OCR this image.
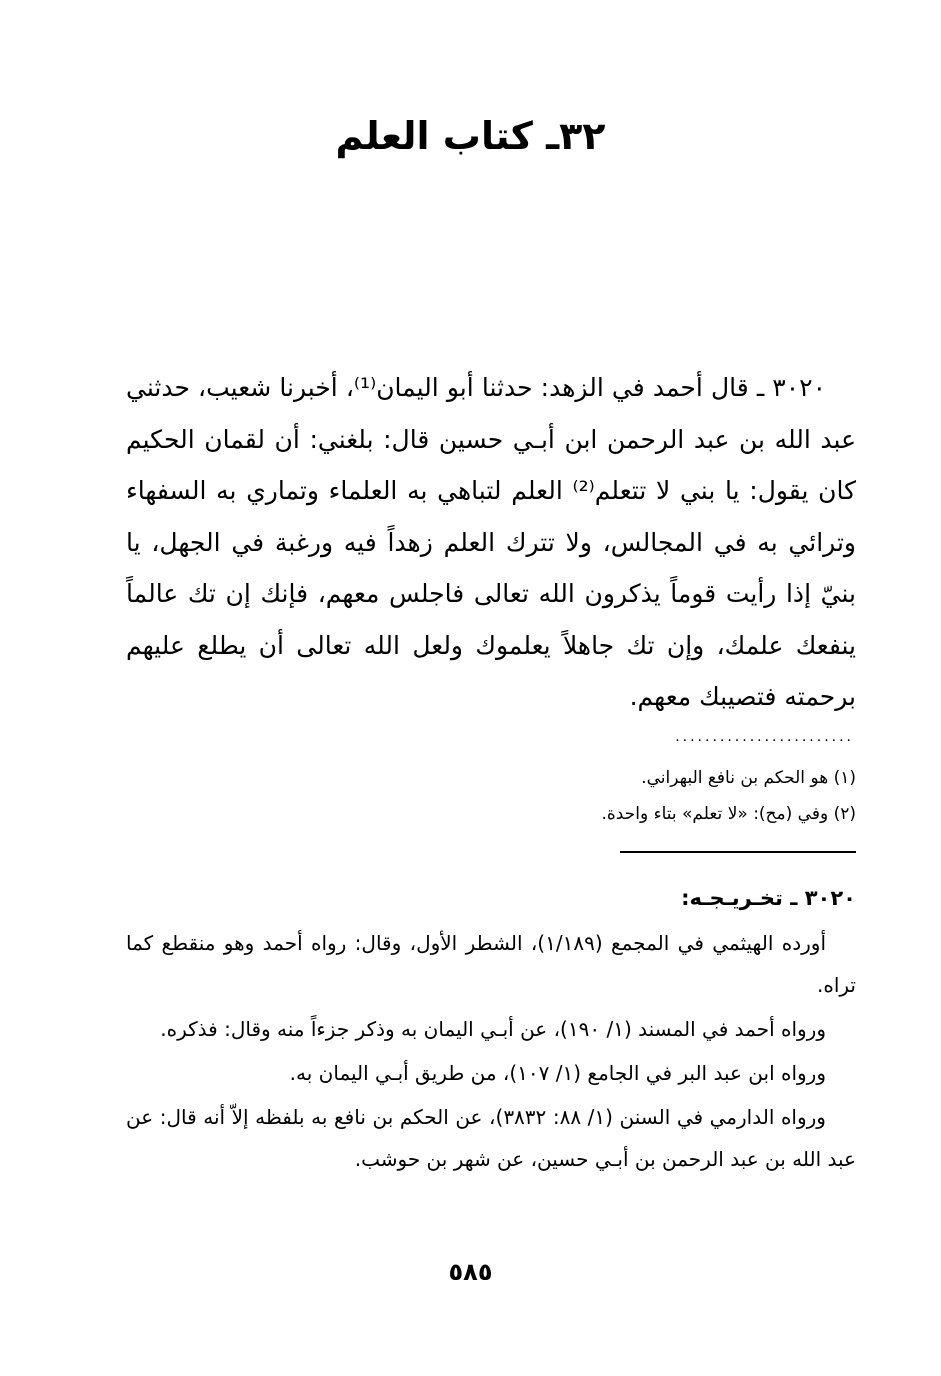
٣٢ـ كتاب العلم

٣٠٢٠ ـ قال أحمد في الزهد: حدثنا أبو اليمان⁽¹⁾، أخبرنا شعيب، حدثني عبد الله بن عبد الرحمن ابن أبـي حسين قال: بلغني: أن لقمان الحكيم كان يقول: يا بني لا تتعلم⁽²⁾ العلم لتباهي به العلماء وتماري به السفهاء وترائي به في المجالس، ولا تترك العلم زهداً فيه ورغبة في الجهل، يا بنيّ إذا رأيت قوماً يذكرون الله تعالى فاجلس معهم، فإنك إن تك عالماً ينفعك علمك، وإن تك جاهلاً يعلموك ولعل الله تعالى أن يطلع عليهم برحمته فتصيبك معهم.

........................
(١) هو الحكم بن نافع البهراني.
(٢) وفي (مح): «لا تعلم» بتاء واحدة.
٣٠٢٠ ـ تخـريـجـه:

أورده الهيثمي في المجمع (١/١٨٩)، الشطر الأول، وقال: رواه أحمد وهو منقطع كما تراه.

ورواه أحمد في المسند (١/ ١٩٠)، عن أبـي اليمان به وذكر جزءاً منه وقال: فذكره.

ورواه ابن عبد البر في الجامع (١/ ١٠٧)، من طريق أبـي اليمان به.

ورواه الدارمي في السنن (١/ ٨٨: ٣٨٣٢)، عن الحكم بن نافع به بلفظه إلاّ أنه قال: عن عبد الله بن عبد الرحمن بن أبـي حسين، عن شهر بن حوشب.

٥٨٥
